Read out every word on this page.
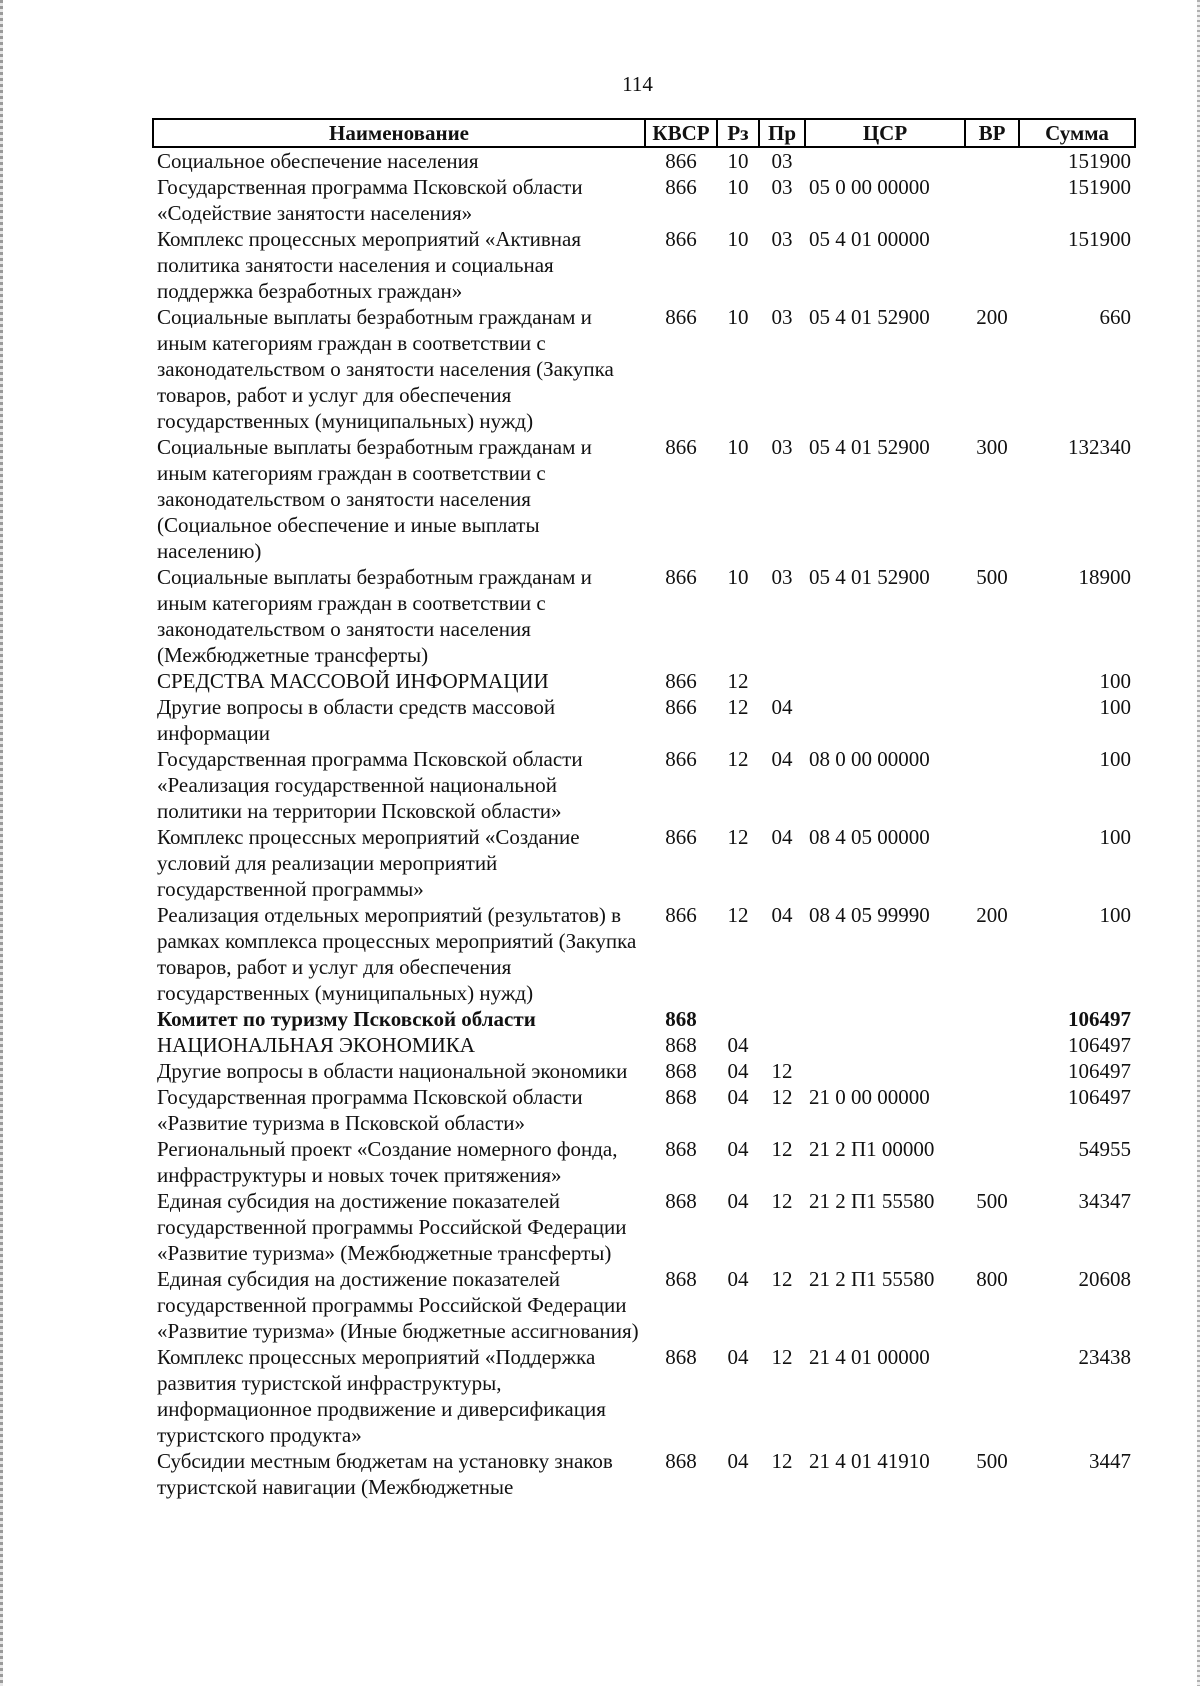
114
Наименование	КВСР	Рз	Пр	ЦСР	ВР	Сумма
Социальное обеспечение населения	866	10	03			151900
Государственная программа Псковской области «Содействие занятости населения»	866	10	03	05 0 00 00000		151900
Комплекс процессных мероприятий «Активная политика занятости населения и социальная поддержка безработных граждан»	866	10	03	05 4 01 00000		151900
Социальные выплаты безработным гражданам и иным категориям граждан в соответствии с законодательством о занятости населения (Закупка товаров, работ и услуг для обеспечения государственных (муниципальных) нужд)	866	10	03	05 4 01 52900	200	660
Социальные выплаты безработным гражданам и иным категориям граждан в соответствии с законодательством о занятости населения (Социальное обеспечение и иные выплаты населению)	866	10	03	05 4 01 52900	300	132340
Социальные выплаты безработным гражданам и иным категориям граждан в соответствии с законодательством о занятости населения (Межбюджетные трансферты)	866	10	03	05 4 01 52900	500	18900
СРЕДСТВА МАССОВОЙ ИНФОРМАЦИИ	866	12				100
Другие вопросы в области средств массовой информации	866	12	04			100
Государственная программа Псковской области «Реализация государственной национальной политики на территории Псковской области»	866	12	04	08 0 00 00000		100
Комплекс процессных мероприятий «Создание условий для реализации мероприятий государственной программы»	866	12	04	08 4 05 00000		100
Реализация отдельных мероприятий (результатов) в рамках комплекса процессных мероприятий (Закупка товаров, работ и услуг для обеспечения государственных (муниципальных) нужд)	866	12	04	08 4 05 99990	200	100
Комитет по туризму Псковской области	868					106497
НАЦИОНАЛЬНАЯ ЭКОНОМИКА	868	04				106497
Другие вопросы в области национальной экономики	868	04	12			106497
Государственная программа Псковской области «Развитие туризма в Псковской области»	868	04	12	21 0 00 00000		106497
Региональный проект «Создание номерного фонда, инфраструктуры и новых точек притяжения»	868	04	12	21 2 П1 00000		54955
Единая субсидия на достижение показателей государственной программы Российской Федерации «Развитие туризма» (Межбюджетные трансферты)	868	04	12	21 2 П1 55580	500	34347
Единая субсидия на достижение показателей государственной программы Российской Федерации «Развитие туризма» (Иные бюджетные ассигнования)	868	04	12	21 2 П1 55580	800	20608
Комплекс процессных мероприятий «Поддержка развития туристской инфраструктуры, информационное продвижение и диверсификация туристского продукта»	868	04	12	21 4 01 00000		23438
Субсидии местным бюджетам на установку знаков туристской навигации (Межбюджетные	868	04	12	21 4 01 41910	500	3447
